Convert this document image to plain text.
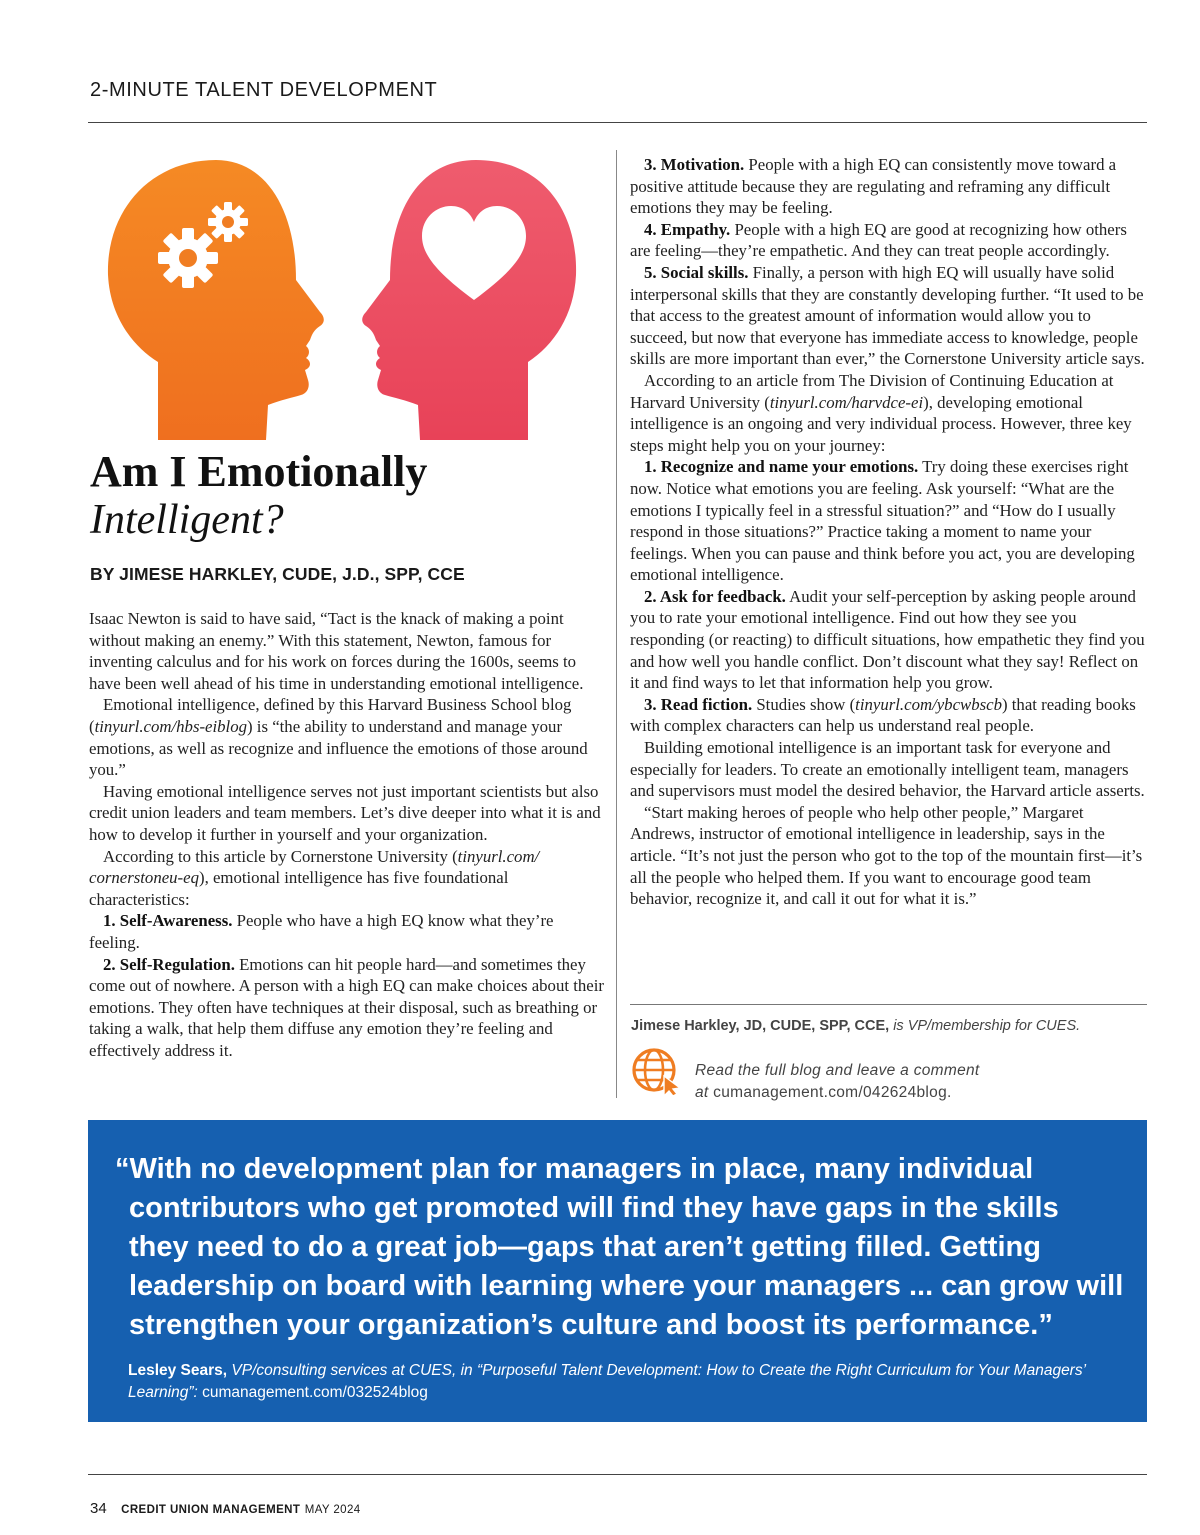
2-MINUTE TALENT DEVELOPMENT
Am I Emotionally
Intelligent?
BY JIMESE HARKLEY, CUDE, J.D., SPP, CCE

Isaac Newton is said to have said, “Tact is the knack of making a point without making an enemy.” With this statement, Newton, famous for inventing calculus and for his work on forces during the 1600s, seems to have been well ahead of his time in understanding emotional intelligence.

Emotional intelligence, defined by this Harvard Business School blog (tinyurl.com/hbs-eiblog) is “the ability to understand and manage your emotions, as well as recognize and influence the emotions of those around you.”

Having emotional intelligence serves not just important scientists but also credit union leaders and team members. Let’s dive deeper into what it is and how to develop it further in yourself and your organization.

According to this article by Cornerstone University (tinyurl.com/ cornerstoneu-eq), emotional intelligence has five foundational characteristics:

1. Self-Awareness. People who have a high EQ know what they’re feeling.

2. Self-Regulation. Emotions can hit people hard—and sometimes they come out of nowhere. A person with a high EQ can make choices about their emotions. They often have techniques at their disposal, such as breathing or taking a walk, that help them diffuse any emotion they’re feeling and effectively address it.

3. Motivation. People with a high EQ can consistently move toward a positive attitude because they are regulating and reframing any difficult emotions they may be feeling.

4. Empathy. People with a high EQ are good at recognizing how others are feeling—they’re empathetic. And they can treat people accordingly.

5. Social skills. Finally, a person with high EQ will usually have solid interpersonal skills that they are constantly developing further. “It used to be that access to the greatest amount of information would allow you to succeed, but now that everyone has immediate access to knowledge, people skills are more important than ever,” the Cornerstone University article says.

According to an article from The Division of Continuing Education at Harvard University (tinyurl.com/harvdce-ei), developing emotional intelligence is an ongoing and very individual process. However, three key steps might help you on your journey:

1. Recognize and name your emotions. Try doing these exercises right now. Notice what emotions you are feeling. Ask yourself: “What are the emotions I typically feel in a stressful situation?” and “How do I usually respond in those situations?” Practice taking a moment to name your feelings. When you can pause and think before you act, you are developing emotional intelligence.

2. Ask for feedback. Audit your self-perception by asking people around you to rate your emotional intelligence. Find out how they see you responding (or reacting) to difficult situations, how empathetic they find you and how well you handle conflict. Don’t discount what they say! Reflect on it and find ways to let that information help you grow.

3. Read fiction. Studies show (tinyurl.com/ybcwbscb) that reading books with complex characters can help us understand real people.

Building emotional intelligence is an important task for everyone and especially for leaders. To create an emotionally intelligent team, managers and supervisors must model the desired behavior, the Harvard article asserts.

“Start making heroes of people who help other people,” Margaret Andrews, instructor of emotional intelligence in leadership, says in the article. “It’s not just the person who got to the top of the mountain first—it’s all the people who helped them. If you want to encourage good team behavior, recognize it, and call it out for what it is.”

Jimese Harkley, JD, CUDE, SPP, CCE, is VP/membership for CUES.
Read the full blog and leave a comment
at cumanagement.com/042624blog.
“With no development plan for managers in place, many individual contributors who get promoted will find they have gaps in the skills they need to do a great job—gaps that aren’t getting filled. Getting leadership on board with learning where your managers ... can grow will strengthen your organization’s culture and boost its performance.”
Lesley Sears, VP/consulting services at CUES, in “Purposeful Talent Development: How to Create the Right Curriculum for Your Managers’ Learning”: cumanagement.com/032524blog
34 CREDIT UNION MANAGEMENT MAY 2024
